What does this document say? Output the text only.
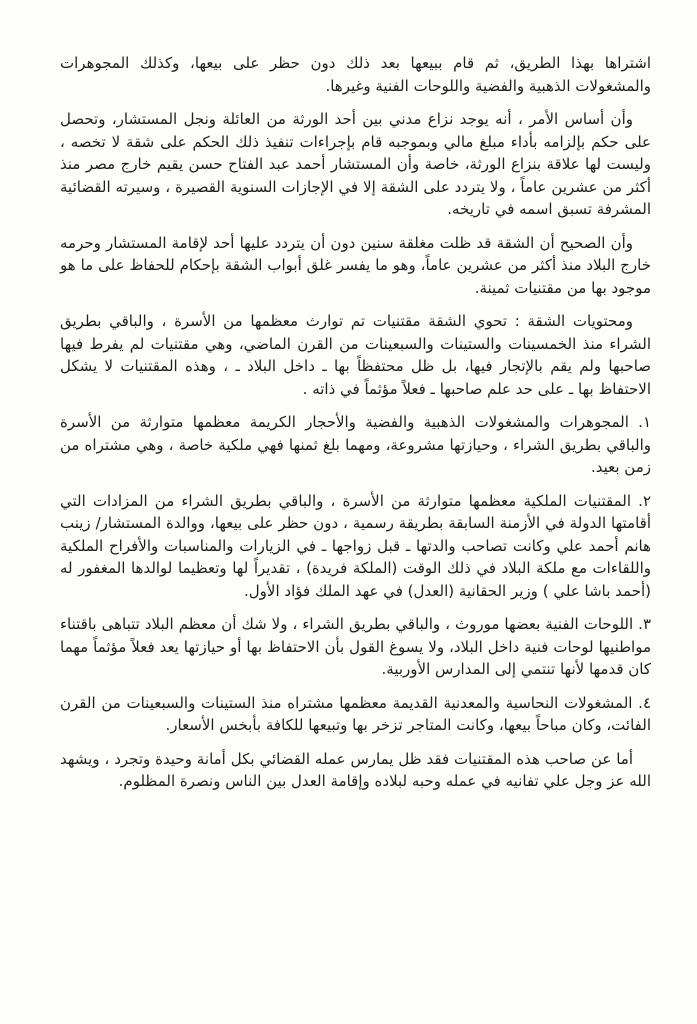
اشتراها بهذا الطريق، ثم قام ببيعها بعد ذلك دون حظر على بيعها، وكذلك المجوهرات والمشغولات الذهبية والفضية واللوحات الفنية وغيرها.

وأن أساس الأمر ، أنه يوجد نزاع مدني بين أحد الورثة من العائلة ونجل المستشار، وتحصل على حكم بإلزامه بأداء مبلغ مالي وبموجبه قام بإجراءات تنفيذ ذلك الحكم على شقة لا تخصه ، وليست لها علاقة بنزاع الورثة، خاصة وأن المستشار أحمد عبد الفتاح حسن يقيم خارج مصر منذ أكثر من عشرين عاماً ، ولا يتردد على الشقة إلا في الإجازات السنوية القصيرة ، وسيرته القضائية المشرفة تسبق اسمه في تاريخه.

وأن الصحيح أن الشقة قد ظلت مغلقة سنين دون أن يتردد عليها أحد لإقامة المستشار وحرمه خارج البلاد منذ أكثر من عشرين عاماً، وهو ما يفسر غلق أبواب الشقة بإحكام للحفاظ على ما هو موجود بها من مقتنيات ثمينة.

ومحتويات الشقة : تحوي الشقة مقتنيات تم توارث معظمها من الأسرة ، والباقي بطريق الشراء منذ الخمسينات والستينات والسبعينات من القرن الماضي، وهي مقتنيات لم يفرط فيها صاحبها ولم يقم بالإتجار فيها، بل ظل محتفظاً بها ـ داخل البلاد ـ ، وهذه المقتنيات لا يشكل الاحتفاظ بها ـ على حد علم صاحبها ـ فعلاً مؤثماً في ذاته .

١. المجوهرات والمشغولات الذهبية والفضية والأحجار الكريمة معظمها متوارثة من الأسرة والباقي بطريق الشراء ، وحيازتها مشروعة، ومهما بلغ ثمنها فهي ملكية خاصة ، وهي مشتراه من زمن بعيد.

٢. المقتنيات الملكية معظمها متوارثة من الأسرة ، والباقي بطريق الشراء من المزادات التي أقامتها الدولة في الأزمنة السابقة بطريقة رسمية ، دون حظر على بيعها، ووالدة المستشار/ زينب هانم أحمد علي وكانت تصاحب والدتها ـ قبل زواجها ـ في الزيارات والمناسبات والأفراح الملكية واللقاءات مع ملكة البلاد في ذلك الوقت (الملكة فريدة) ، تقديراً لها وتعظيما لوالدها المغفور له (أحمد باشا علي ) وزير الحقانية (العدل) في عهد الملك فؤاد الأول.

٣. اللوحات الفنية بعضها موروث ، والباقي بطريق الشراء ، ولا شك أن معظم البلاد تتباهى باقتناء مواطنيها لوحات فنية داخل البلاد، ولا يسوغ القول بأن الاحتفاظ بها أو حيازتها يعد فعلاً مؤثماً مهما كان قدمها لأنها تنتمي إلى المدارس الأوربية.

٤. المشغولات النحاسية والمعدنية القديمة معظمها مشتراه منذ الستينات والسبعينات من القرن الفائت، وكان مباحاً بيعها، وكانت المتاجر تزخر بها وتبيعها للكافة بأبخس الأسعار.

أما عن صاحب هذه المقتنيات فقد ظل يمارس عمله القضائي بكل أمانة وحيدة وتجرد ، ويشهد الله عز وجل علي تفانيه في عمله وحبه لبلاده وإقامة العدل بين الناس ونصرة المظلوم.
